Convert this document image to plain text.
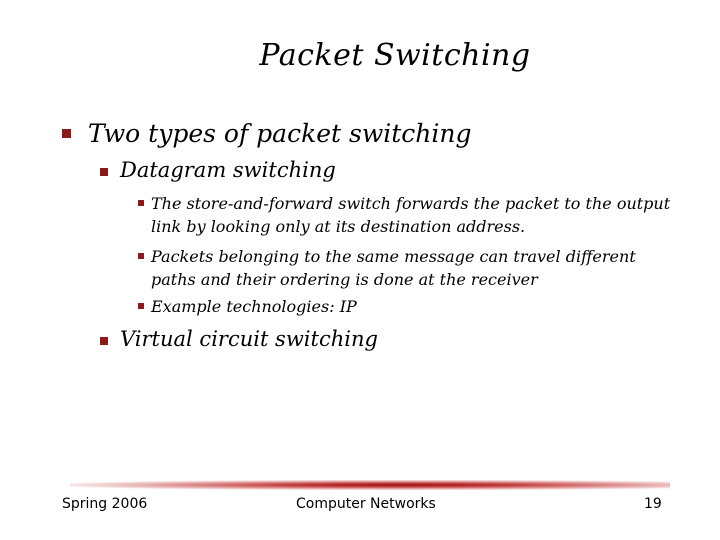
Packet Switching
Two types of packet switching
Datagram switching
The store-and-forward switch forwards the packet to the output
link by looking only at its destination address.
Packets belonging to the same message can travel different
paths and their ordering is done at the receiver
Example technologies: IP
Virtual circuit switching
Spring 2006	Computer Networks	19
